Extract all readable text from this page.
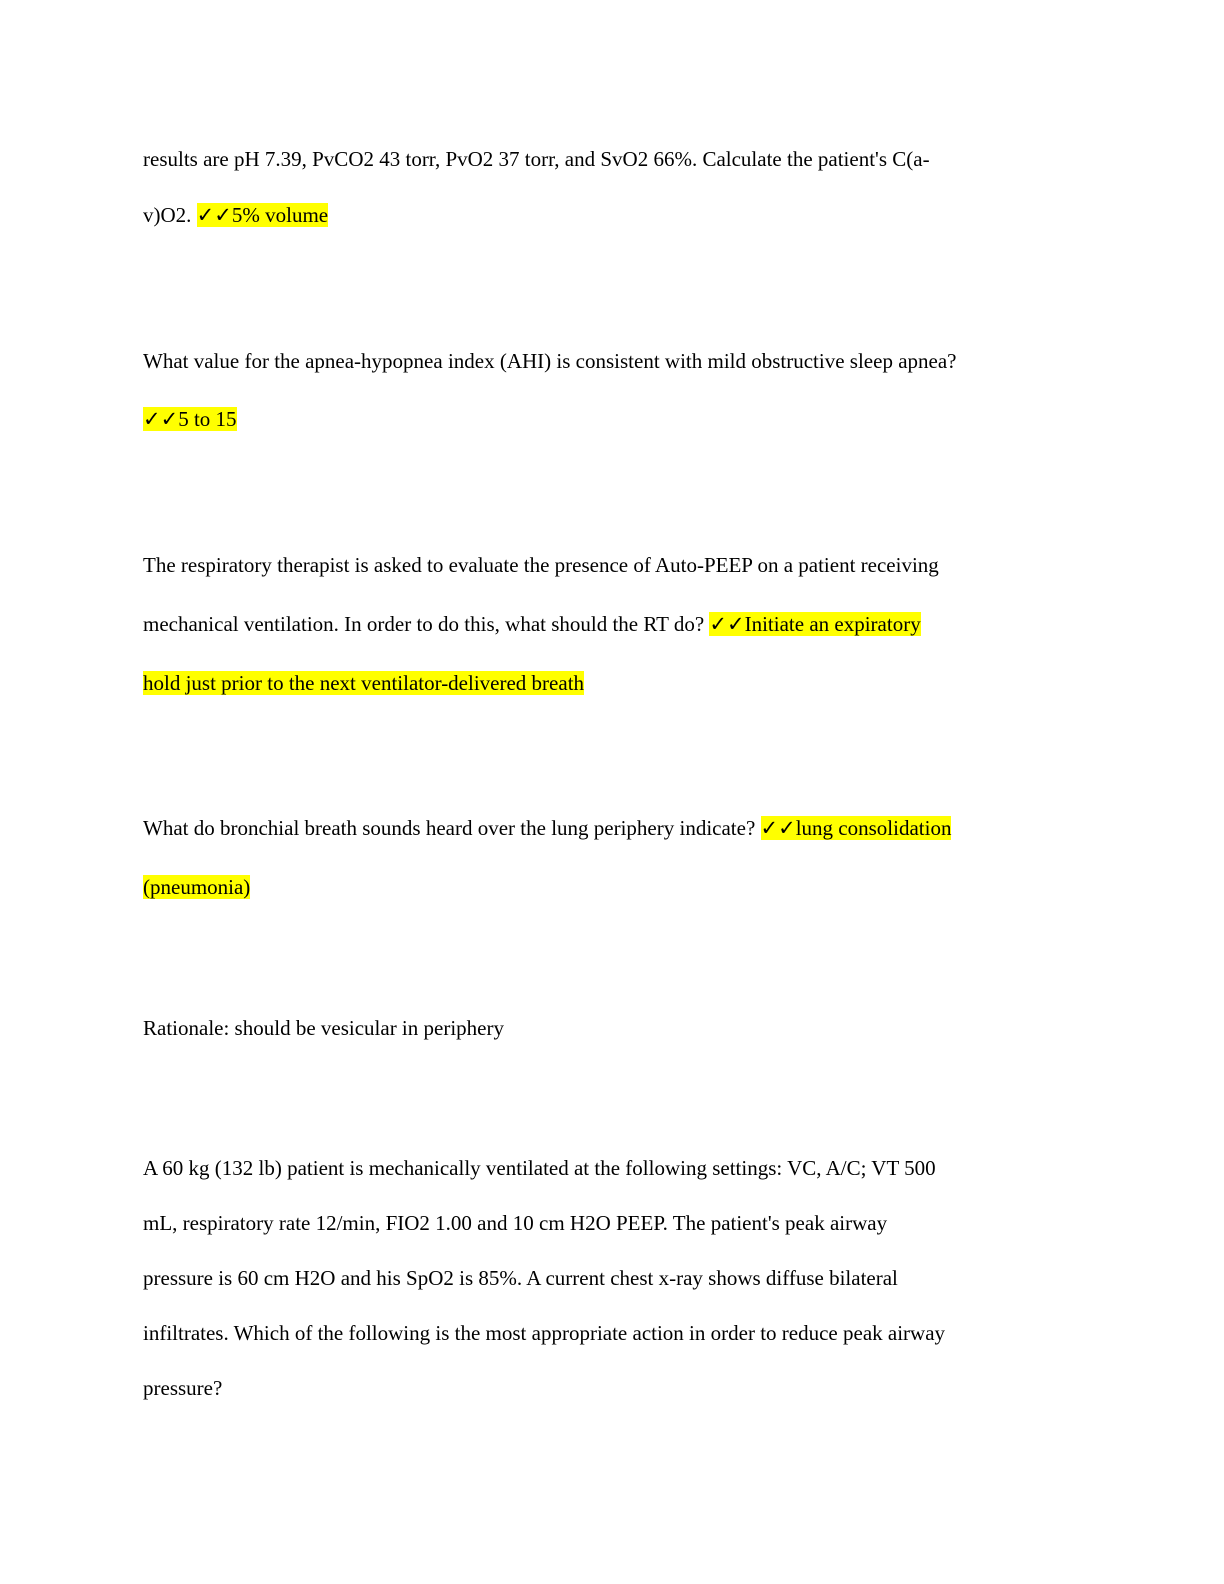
results are pH 7.39, PvCO2 43 torr, PvO2 37 torr, and SvO2 66%. Calculate the patient's C(a-
v)O2. ✓✓5% volume
What value for the apnea-hypopnea index (AHI) is consistent with mild obstructive sleep apnea?
✓✓5 to 15
The respiratory therapist is asked to evaluate the presence of Auto-PEEP on a patient receiving
mechanical ventilation. In order to do this, what should the RT do? ✓✓Initiate an expiratory
hold just prior to the next ventilator-delivered breath
What do bronchial breath sounds heard over the lung periphery indicate? ✓✓lung consolidation
(pneumonia)
Rationale: should be vesicular in periphery
A 60 kg (132 lb) patient is mechanically ventilated at the following settings: VC, A/C; VT 500
mL, respiratory rate 12/min, FIO2 1.00 and 10 cm H2O PEEP. The patient's peak airway
pressure is 60 cm H2O and his SpO2 is 85%. A current chest x-ray shows diffuse bilateral
infiltrates. Which of the following is the most appropriate action in order to reduce peak airway
pressure?
